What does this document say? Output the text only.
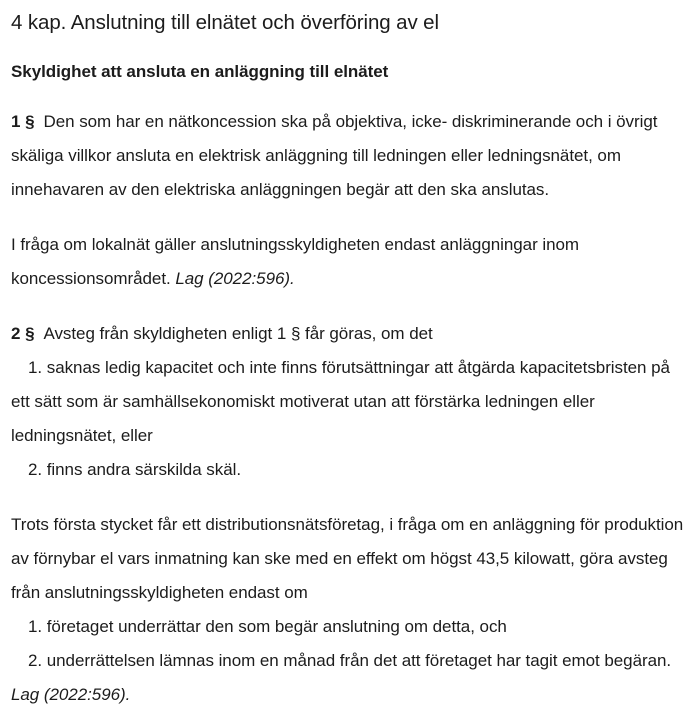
4 kap. Anslutning till elnätet och överföring av el
Skyldighet att ansluta en anläggning till elnätet

1 § Den som har en nätkoncession ska på objektiva, icke- diskriminerande och i övrigt skäliga villkor ansluta en elektrisk anläggning till ledningen eller ledningsnätet, om innehavaren av den elektriska anläggningen begär att den ska anslutas.

I fråga om lokalnät gäller anslutningsskyldigheten endast anläggningar inom koncessionsområdet. Lag (2022:596).

2 § Avsteg från skyldigheten enligt 1 § får göras, om det

1. saknas ledig kapacitet och inte finns förutsättningar att åtgärda kapacitetsbristen på ett sätt som är samhällsekonomiskt motiverat utan att förstärka ledningen eller ledningsnätet, eller

2. finns andra särskilda skäl.

Trots första stycket får ett distributionsnätsföretag, i fråga om en anläggning för produktion av förnybar el vars inmatning kan ske med en effekt om högst 43,5 kilowatt, göra avsteg från anslutningsskyldigheten endast om

1. företaget underrättar den som begär anslutning om detta, och

2. underrättelsen lämnas inom en månad från det att företaget har tagit emot begäran. Lag (2022:596).
